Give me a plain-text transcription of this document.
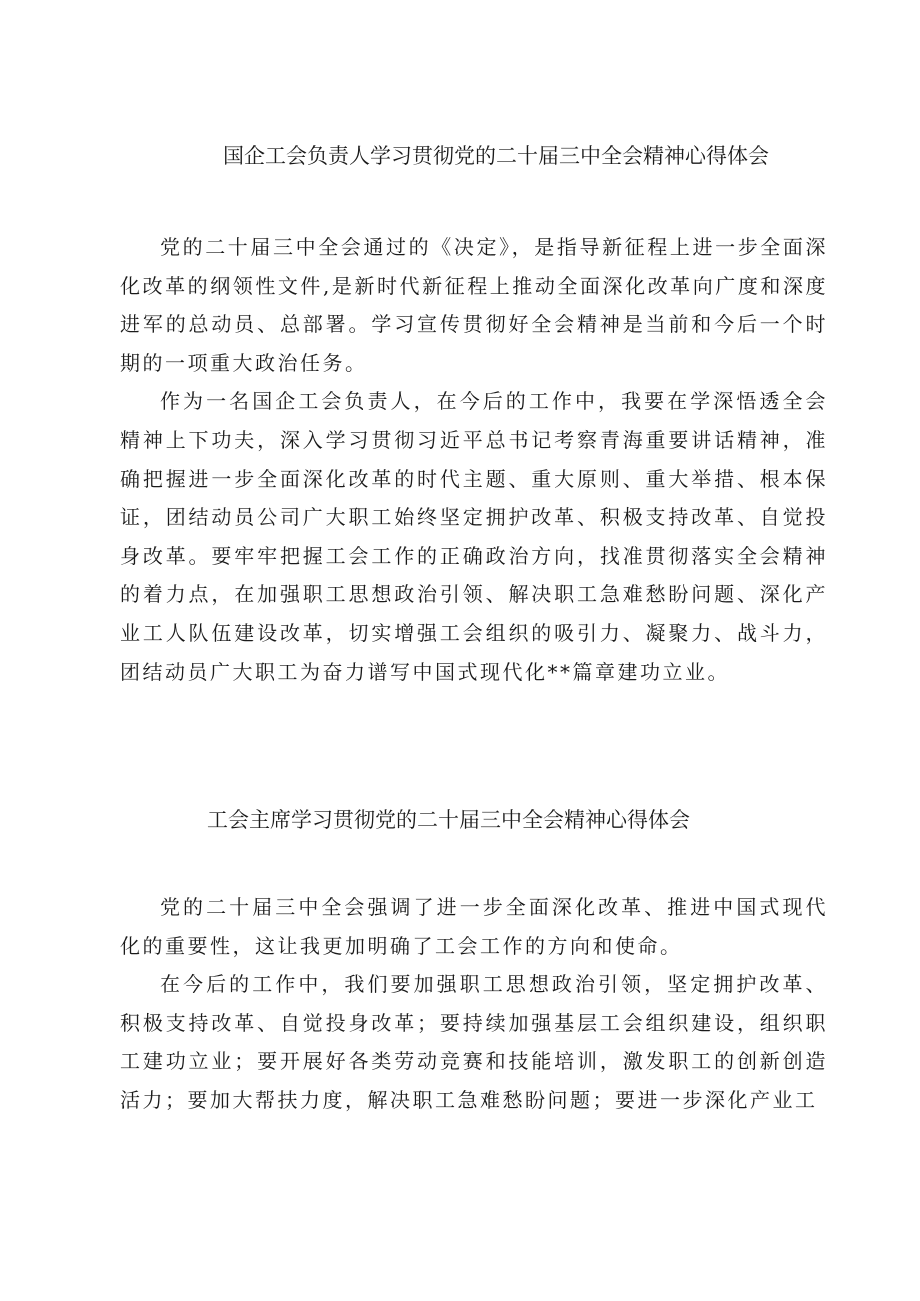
国企工会负责人学习贯彻党的二十届三中全会精神心得体会

党的二十届三中全会通过的《决定》，是指导新征程上进一步全面深化改革的纲领性文件,是新时代新征程上推动全面深化改革向广度和深度进军的总动员、总部署。学习宣传贯彻好全会精神是当前和今后一个时期的一项重大政治任务。

作为一名国企工会负责人，在今后的工作中，我要在学深悟透全会精神上下功夫，深入学习贯彻习近平总书记考察青海重要讲话精神，准确把握进一步全面深化改革的时代主题、重大原则、重大举措、根本保证，团结动员公司广大职工始终坚定拥护改革、积极支持改革、自觉投身改革。要牢牢把握工会工作的正确政治方向，找准贯彻落实全会精神的着力点，在加强职工思想政治引领、解决职工急难愁盼问题、深化产业工人队伍建设改革，切实增强工会组织的吸引力、凝聚力、战斗力，团结动员广大职工为奋力谱写中国式现代化**篇章建功立业。

工会主席学习贯彻党的二十届三中全会精神心得体会

党的二十届三中全会强调了进一步全面深化改革、推进中国式现代化的重要性，这让我更加明确了工会工作的方向和使命。

在今后的工作中，我们要加强职工思想政治引领，坚定拥护改革、积极支持改革、自觉投身改革；要持续加强基层工会组织建设，组织职工建功立业；要开展好各类劳动竞赛和技能培训，激发职工的创新创造活力；要加大帮扶力度，解决职工急难愁盼问题；要进一步深化产业工
